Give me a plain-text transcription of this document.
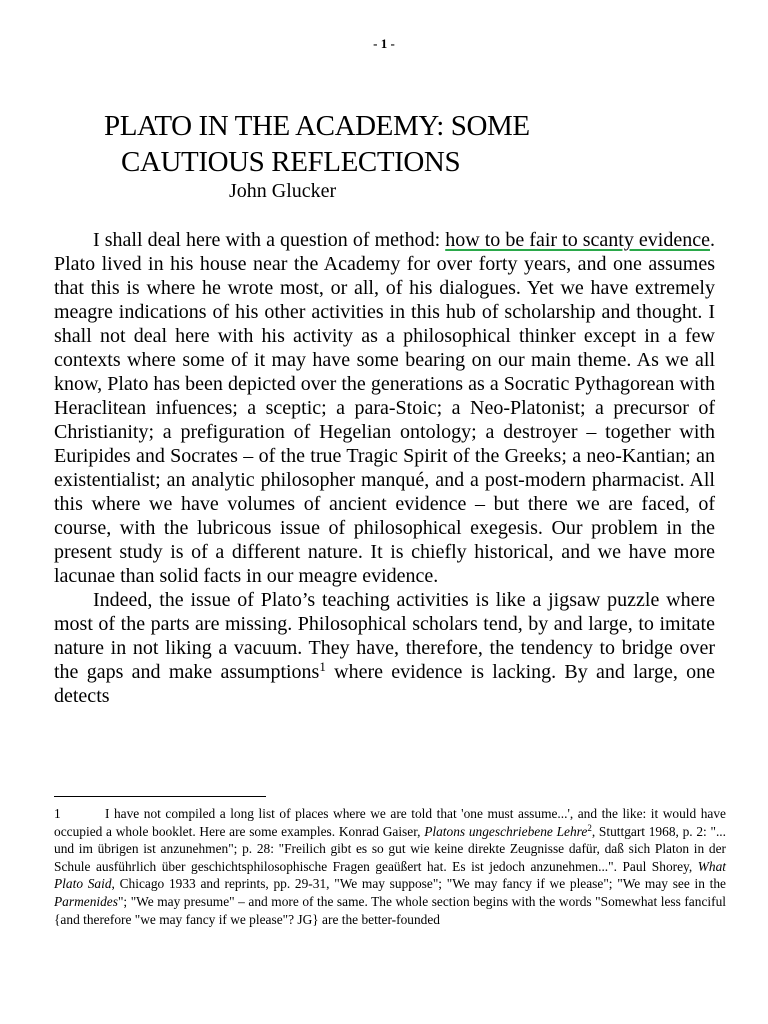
- 1 -
PLATO IN THE ACADEMY: SOME
CAUTIOUS REFLECTIONS
John Glucker

I shall deal here with a question of method: how to be fair to scanty evidence. Plato lived in his house near the Academy for over forty years, and one assumes that this is where he wrote most, or all, of his dialogues. Yet we have extremely meagre indications of his other activities in this hub of scholarship and thought. I shall not deal here with his activity as a philosophical thinker except in a few contexts where some of it may have some bearing on our main theme. As we all know, Plato has been depicted over the generations as a Socratic Pythagorean with Heraclitean infuences; a sceptic; a para-Stoic; a Neo-Platonist; a precursor of Christianity; a prefiguration of Hegelian ontology; a destroyer – together with Euripides and Socrates – of the true Tragic Spirit of the Greeks; a neo-Kantian; an existentialist; an analytic philosopher manqué, and a post-modern pharmacist. All this where we have volumes of ancient evidence – but there we are faced, of course, with the lubricous issue of philosophical exegesis. Our problem in the present study is of a different nature. It is chiefly historical, and we have more lacunae than solid facts in our meagre evidence.

Indeed, the issue of Plato’s teaching activities is like a jigsaw puzzle where most of the parts are missing. Philosophical scholars tend, by and large, to imitate nature in not liking a vacuum. They have, therefore, the tendency to bridge over the gaps and make assumptions$^1$ where evidence is lacking. By and large, one detects

1	I have not compiled a long list of places where we are told that 'one must assume...', and the like: it would have occupied a whole booklet. Here are some examples. Konrad Gaiser, Platons ungeschriebene Lehre$^2$, Stuttgart 1968, p. 2: "... und im übrigen ist anzunehmen"; p. 28: "Freilich gibt es so gut wie keine direkte Zeugnisse dafür, daß sich Platon in der Schule ausführlich über geschichtsphilosophische Fragen geaüßert hat. Es ist jedoch anzunehmen...". Paul Shorey, What Plato Said, Chicago 1933 and reprints, pp. 29-31, "We may suppose"; "We may fancy if we please"; "We may see in the Parmenides"; "We may presume" – and more of the same. The whole section begins with the words "Somewhat less fanciful {and therefore "we may fancy if we please"? JG} are the better-founded
